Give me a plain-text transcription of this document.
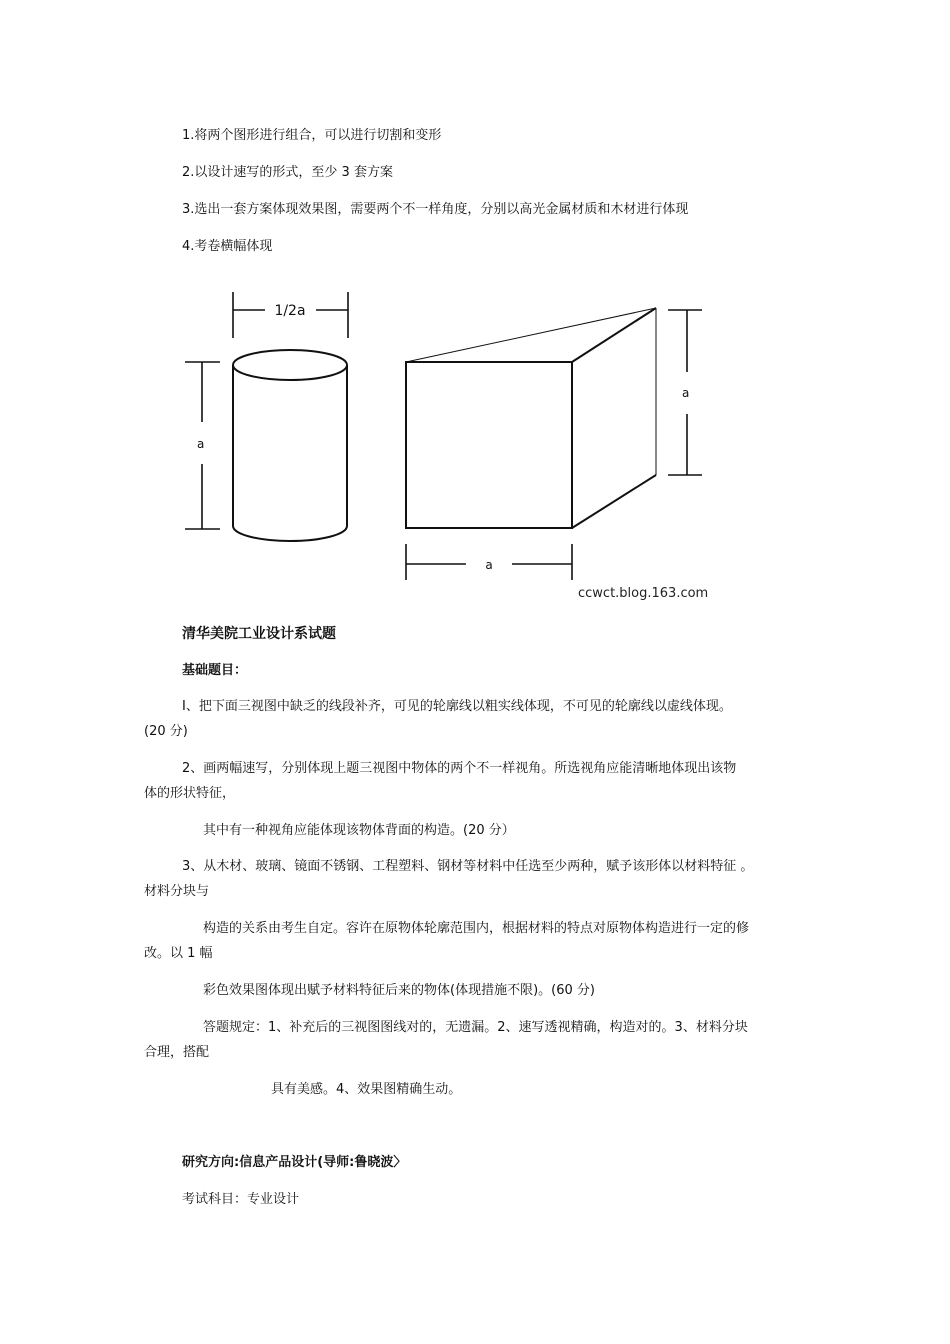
1.将两个图形进行组合，可以进行切割和变形
2.以设计速写的形式，至少 3 套方案
3.选出一套方案体现效果图，需要两个不一样角度，分别以高光金属材质和木材进行体现
4.考卷横幅体现
1/2a
a
a
a
ccwct.blog.163.com
清华美院工业设计系试题
基础题目：
Ⅰ、把下面三视图中缺乏的线段补齐，可见的轮廓线以粗实线体现，不可见的轮廓线以虚线体现。
(20 分)
2、画两幅速写，分别体现上题三视图中物体的两个不一样视角。所选视角应能清晰地体现出该物
体的形状特征，
其中有一种视角应能体现该物体背面的构造。(20 分）
3、从木材、玻璃、镜面不锈钢、工程塑料、钢材等材料中任选至少两种，赋予该形体以材料特征 。
材料分块与
构造的关系由考生自定。容许在原物体轮廓范围内，根据材料的特点对原物体构造进行一定的修
改。以 1 幅
彩色效果图体现出赋予材料特征后来的物体(体现措施不限)。(60 分)
答题规定：1、补充后的三视图图线对的，无遗漏。2、速写透视精确，构造对的。3、材料分块
合理，搭配
具有美感。4、效果图精确生动。
研究方向:信息产品设计(导师:鲁晓波〉
考试科目：专业设计
